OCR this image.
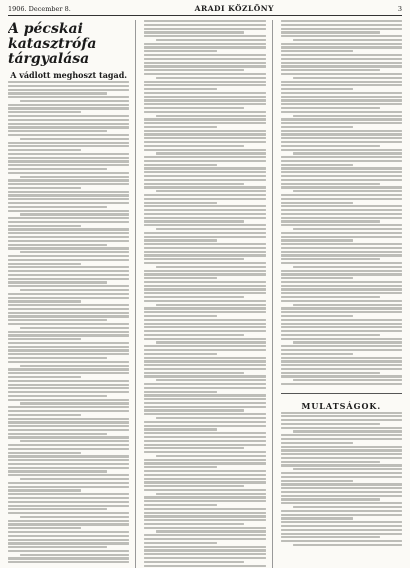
1906. December 8.	ARADI KÖZLÖNY	3
A pécskai katasztrófa tárgyalása
A vádlott meghoszt tagad.
MULATSÁGOK.
